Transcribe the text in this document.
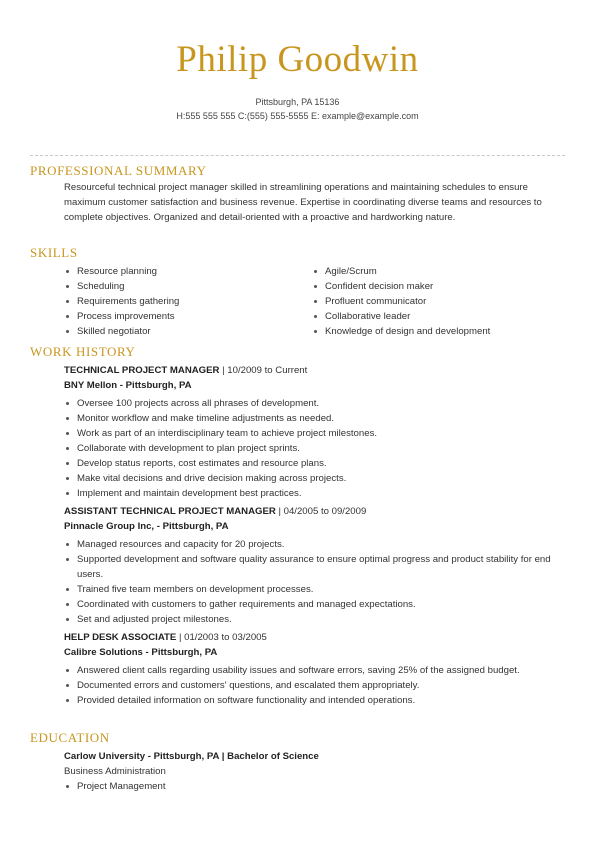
Philip Goodwin
Pittsburgh, PA 15136
H:555 555 555 C:(555) 555-5555 E: example@example.com
PROFESSIONAL SUMMARY

Resourceful technical project manager skilled in streamlining operations and maintaining schedules to ensure maximum customer satisfaction and business revenue. Expertise in coordinating diverse teams and resources to complete objectives. Organized and detail-oriented with a proactive and hardworking nature.

SKILLS
Resource planning
Scheduling
Requirements gathering
Process improvements
Skilled negotiator
Agile/Scrum
Confident decision maker
Profluent communicator
Collaborative leader
Knowledge of design and development
WORK HISTORY

TECHNICAL PROJECT MANAGER | 10/2009 to Current

BNY Mellon - Pittsburgh, PA

Oversee 100 projects across all phrases of development.
Monitor workflow and make timeline adjustments as needed.
Work as part of an interdisciplinary team to achieve project milestones.
Collaborate with development to plan project sprints.
Develop status reports, cost estimates and resource plans.
Make vital decisions and drive decision making across projects.
Implement and maintain development best practices.

ASSISTANT TECHNICAL PROJECT MANAGER | 04/2005 to 09/2009

Pinnacle Group Inc, - Pittsburgh, PA

Managed resources and capacity for 20 projects.
Supported development and software quality assurance to ensure optimal progress and product stability for end users.
Trained five team members on development processes.
Coordinated with customers to gather requirements and managed expectations.
Set and adjusted project milestones.

HELP DESK ASSOCIATE | 01/2003 to 03/2005

Calibre Solutions - Pittsburgh, PA

Answered client calls regarding usability issues and software errors, saving 25% of the assigned budget.
Documented errors and customers' questions, and escalated them appropriately.
Provided detailed information on software functionality and intended operations.
EDUCATION

Carlow University - Pittsburgh, PA | Bachelor of Science

Business Administration

Project Management
